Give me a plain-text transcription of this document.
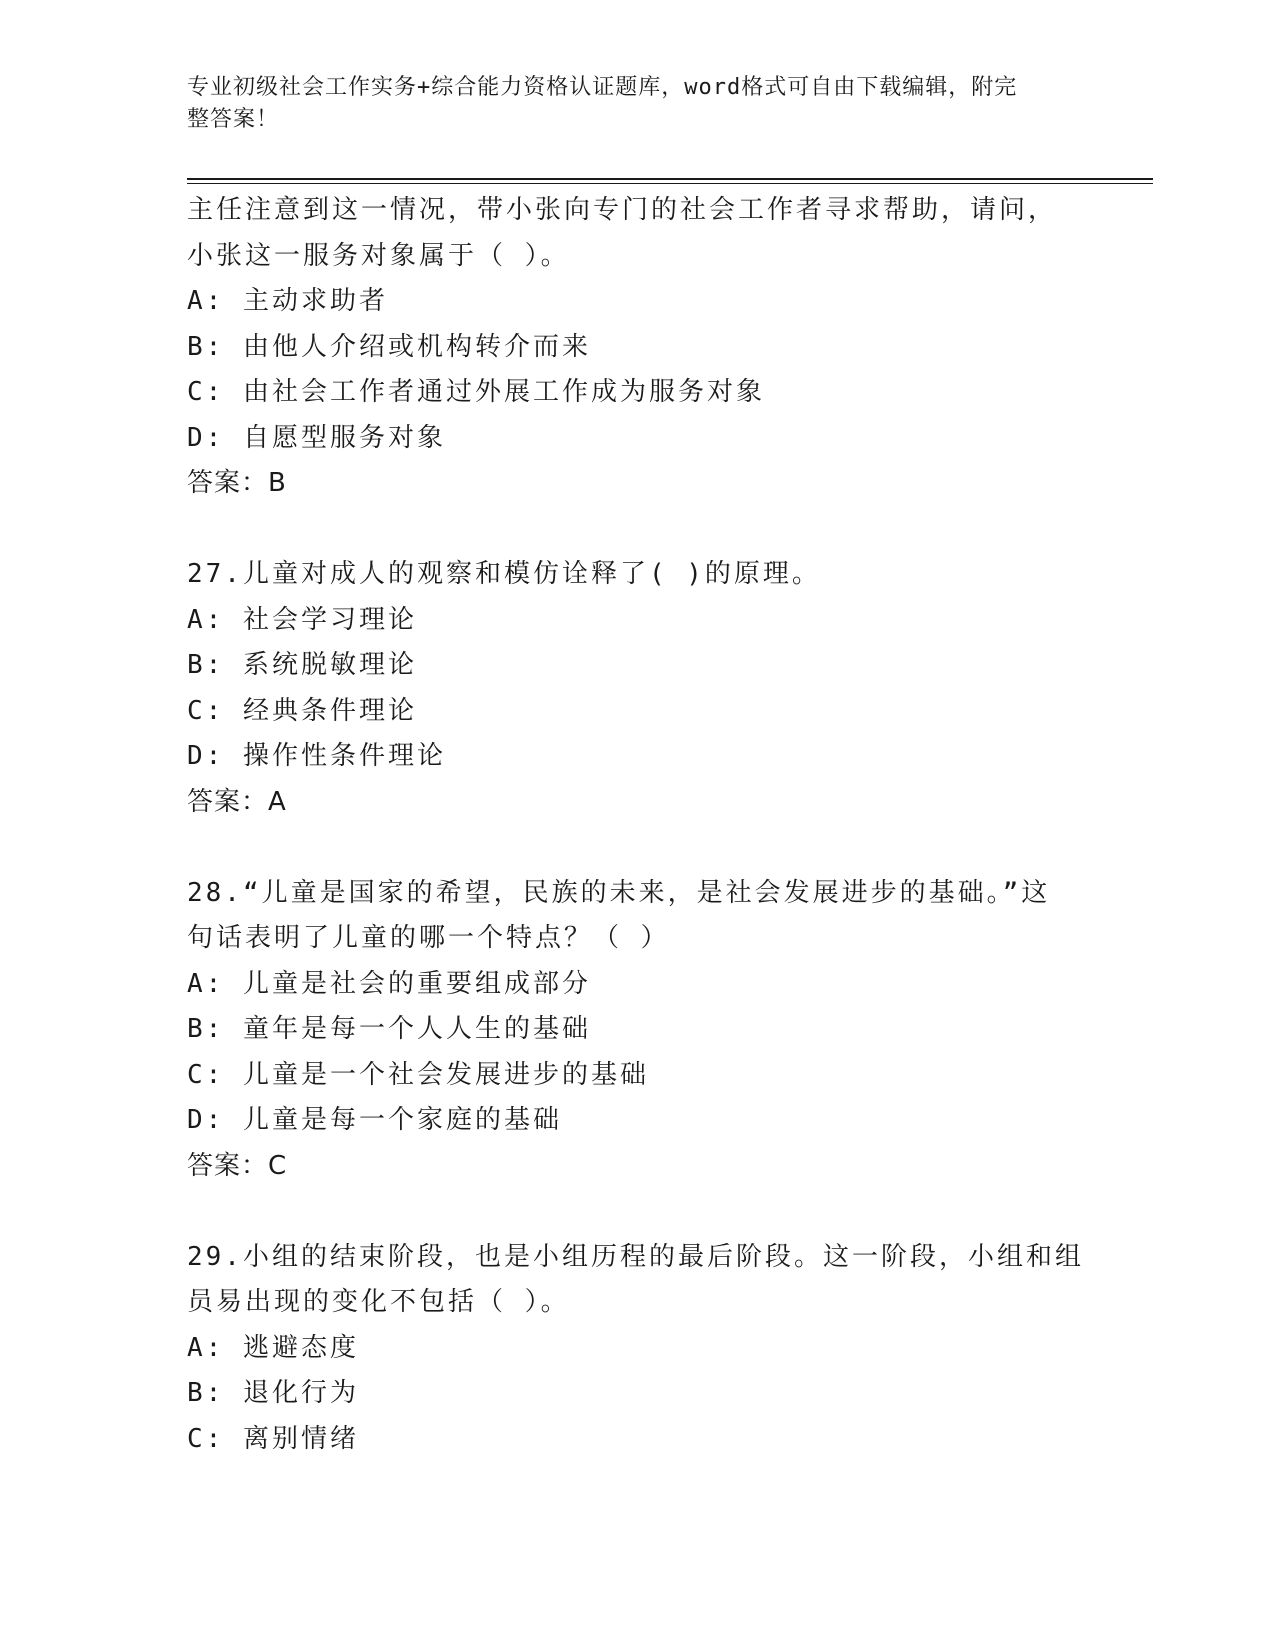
专业初级社会工作实务+综合能力资格认证题库，word格式可自由下载编辑，附完
整答案！
主任注意到这一情况，带小张向专门的社会工作者寻求帮助，请问，
小张这一服务对象属于（ ）。
A: 主动求助者
B: 由他人介绍或机构转介而来
C: 由社会工作者通过外展工作成为服务对象
D: 自愿型服务对象
答案：B
27.儿童对成人的观察和模仿诠释了( )的原理。
A: 社会学习理论
B: 系统脱敏理论
C: 经典条件理论
D: 操作性条件理论
答案：A
28.“儿童是国家的希望，民族的未来，是社会发展进步的基础。”这
句话表明了儿童的哪一个特点？（ ）
A: 儿童是社会的重要组成部分
B: 童年是每一个人人生的基础
C: 儿童是一个社会发展进步的基础
D: 儿童是每一个家庭的基础
答案：C
29.小组的结束阶段，也是小组历程的最后阶段。这一阶段，小组和组
员易出现的变化不包括（ ）。
A: 逃避态度
B: 退化行为
C: 离别情绪
